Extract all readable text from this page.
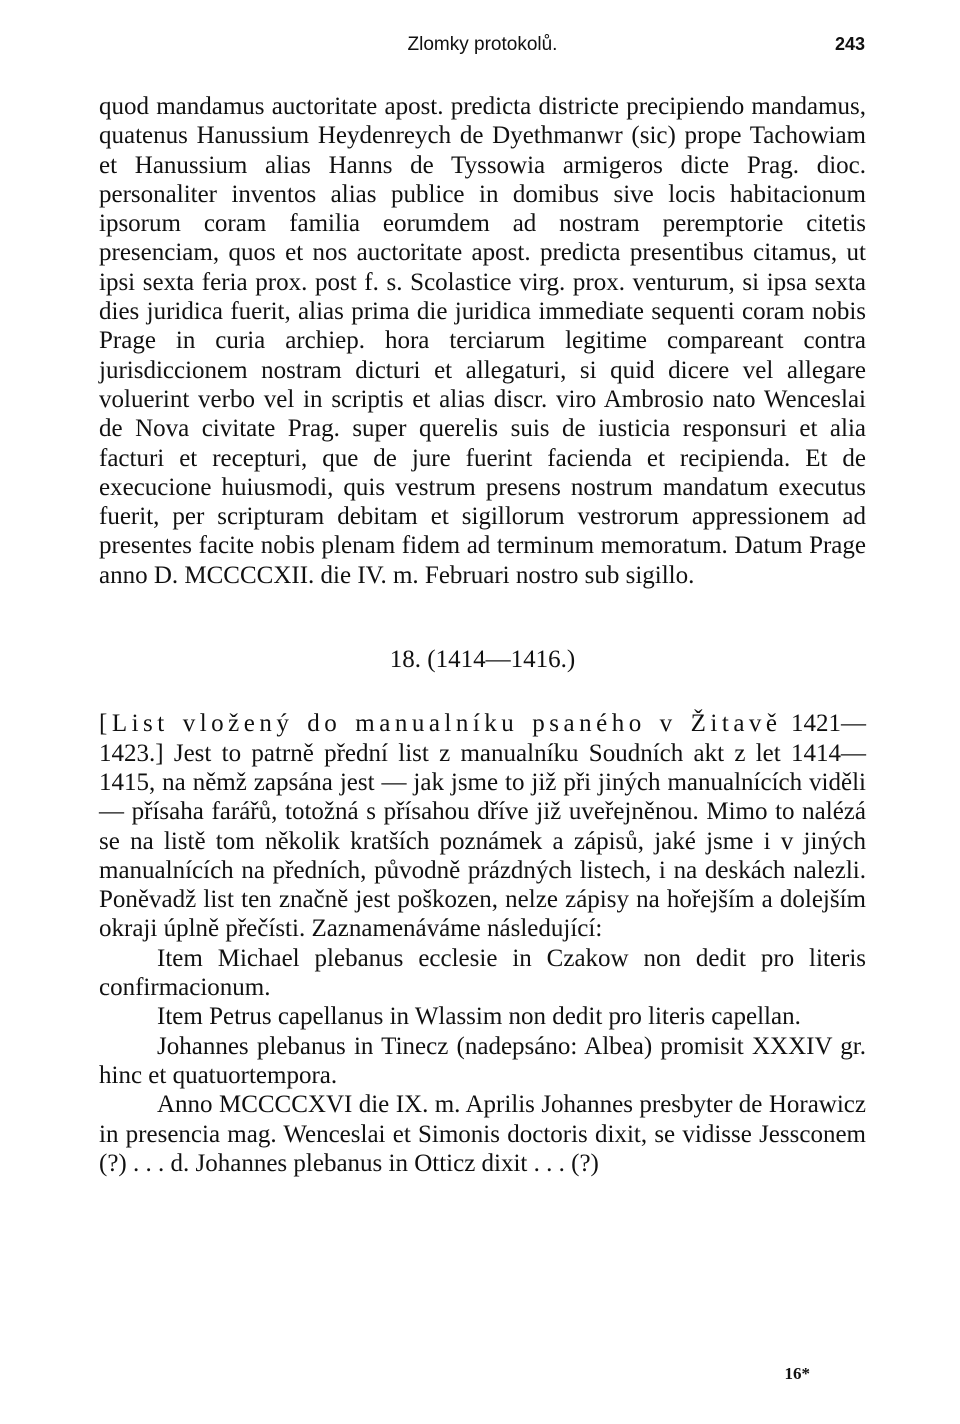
Zlomky protokolů.	243

quod mandamus auctoritate apost. predicta districte precipiendo mandamus, quatenus Hanussium Heydenreych de Dyethmanwr (sic) prope Tachowiam et Hanussium alias Hanns de Tyssowia armigeros dicte Prag. dioc. personaliter inventos alias publice in domibus sive locis habitacionum ipsorum coram familia eorumdem ad nostram peremptorie citetis presenciam, quos et nos auctoritate apost. predicta presentibus citamus, ut ipsi sexta feria prox. post f. s. Scolastice virg. prox. venturum, si ipsa sexta dies juridica fuerit, alias prima die juridica immediate sequenti coram nobis Prage in curia archiep. hora terciarum legitime compareant contra jurisdiccionem nostram dicturi et allegaturi, si quid dicere vel allegare voluerint verbo vel in scriptis et alias discr. viro Ambrosio nato Wenceslai de Nova civitate Prag. super querelis suis de iusticia responsuri et alia facturi et recepturi, que de jure fuerint facienda et recipienda. Et de execucione huiusmodi, quis vestrum presens nostrum mandatum executus fuerit, per scripturam debitam et sigillorum vestrorum appressionem ad presentes facite nobis plenam fidem ad terminum memoratum. Datum Prage anno D. MCCCCXII. die IV. m. Februari nostro sub sigillo.

18. (1414—1416.)

[List vložený do manualníku psaného v Žitavě 1421—1423.] Jest to patrně přední list z manualníku Soudních akt z let 1414—1415, na němž zapsána jest — jak jsme to již při jiných manualnících viděli — přísaha farářů, totožná s přísahou dříve již uveřejněnou. Mimo to nalézá se na listě tom několik kratších poznámek a zápisů, jaké jsme i v jiných manualnících na předních, původně prázdných listech, i na deskách nalezli. Poněvadž list ten značně jest poškozen, nelze zápisy na hořejším a dolejším okraji úplně přečísti. Zaznamenáváme následující:

Item Michael plebanus ecclesie in Czakow non dedit pro literis confirmacionum.

Item Petrus capellanus in Wlassim non dedit pro literis capellan.

Johannes plebanus in Tinecz (nadepsáno: Albea) promisit XXXIV gr. hinc et quatuortempora.

Anno MCCCCXVI die IX. m. Aprilis Johannes presbyter de Horawicz in presencia mag. Wenceslai et Simonis doctoris dixit, se vidisse Jessconem (?) . . . d. Johannes plebanus in Otticz dixit . . . (?)

16*
